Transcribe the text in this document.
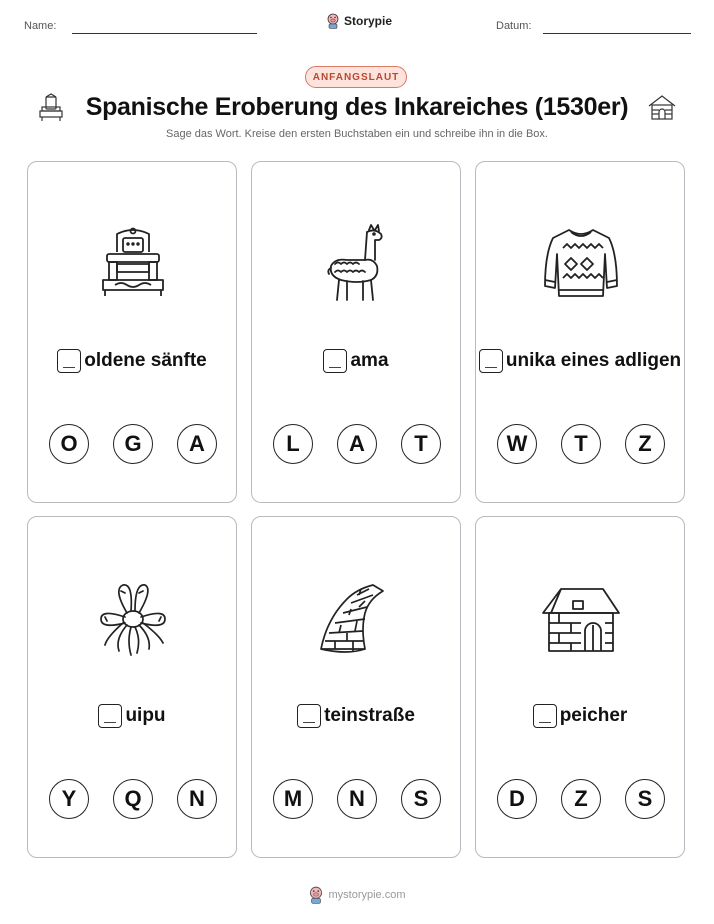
Name:	Storypie	Datum:
ANFANGSLAUT
Spanische Eroberung des Inkareiches (1530er)
Sage das Wort. Kreise den ersten Buchstaben ein und schreibe ihn in die Box.
oldene sänfte
O	G	A
ama
L	A	T
unika eines adligen
W	T	Z
uipu
Y	Q	N
teinstraße
M	N	S
peicher
D	Z	S
mystorypie.com
